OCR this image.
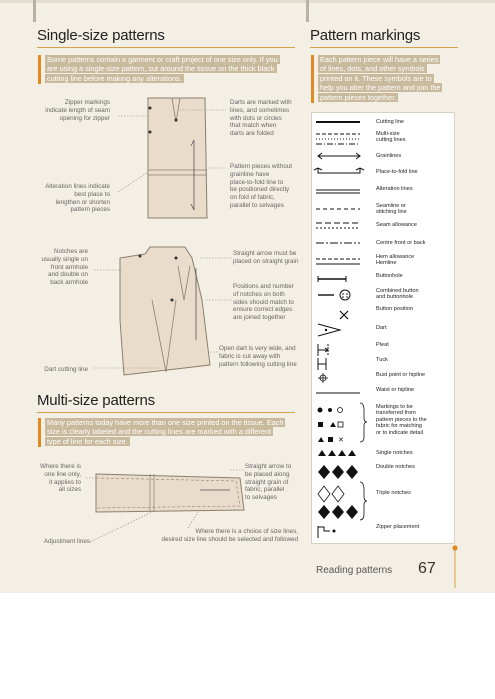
Single-size patterns
Some patterns contain a garment or craft project of one size only. If you
are using a single-size pattern, cut around the tissue on the thick black
cutting line before making any alterations.
Zipper markings
indicate length of seam
opening for zipper
Alteration lines indicate
best place to
lengthen or shorten
pattern pieces
Darts are marked with
lines, and sometimes
with dots or circles
that match when
darts are folded
Pattern pieces without
grainline have
place-to-fold line to
be positioned directly
on fold of fabric,
parallel to selvages
Notches are
usually single on
front armhole
and double on
back armhole
Dart cutting line
Straight arrow must be
placed on straight grain
Positions and number
of notches on both
sides should match to
ensure correct edges
are joined together
Open dart is very wide, and
fabric is cut away with
pattern following cutting line
Multi-size patterns
Many patterns today have more than one size printed on the tissue. Each
size is clearly labeled and the cutting lines are marked with a different
type of line for each size.
Where there is
one line only,
it applies to
all sizes
Adjustment lines
Straight arrow to
be placed along
straight grain of
fabric, parallel
to selvages
Where there is a choice of size lines,
desired size line should be selected and followed
Pattern markings
Each pattern piece will have a series
of lines, dots, and other symbols
printed on it. These symbols are to
help you alter the pattern and join the
pattern pieces together.
✕
Cutting line
Multi-size
cutting lines
Grainlines
Place-to-fold line
Alteration lines
Seamline or
stitching line
Seam allowance
Centre front or back
Hem allowance
Hemline
Buttonhole
Combined button
and buttonhole
Button position
Dart
Pleat
Tuck
Bust point or hipline
Waist or hipline
Markings to be
transferred from
pattern pieces to the
fabric for matching
or to indicate detail
Single notches
Double notches
Triple notches
Zipper placement
Reading patterns 67
